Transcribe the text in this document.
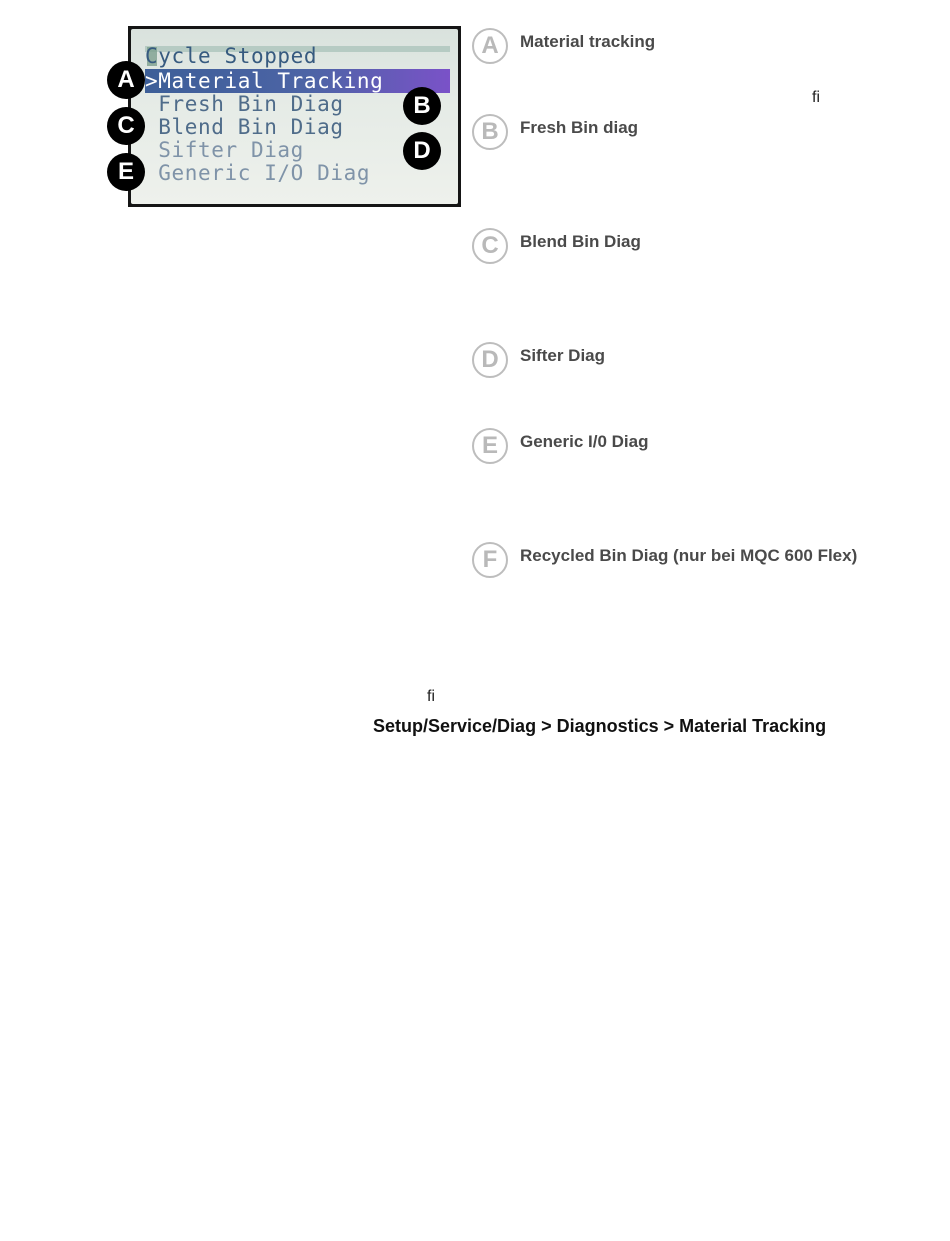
Cycle Stopped
>Material Tracking
Fresh Bin Diag
Blend Bin Diag
Sifter Diag
Generic I/O Diag
A
C
E
B
D
A	Material tracking
B	Fresh Bin diag
C	Blend Bin Diag
D	Sifter Diag
E	Generic I/0 Diag
F	Recycled Bin Diag (nur bei MQC 600 Flex)
ﬁ
ﬁ
Setup/Service/Diag > Diagnostics > Material Tracking
